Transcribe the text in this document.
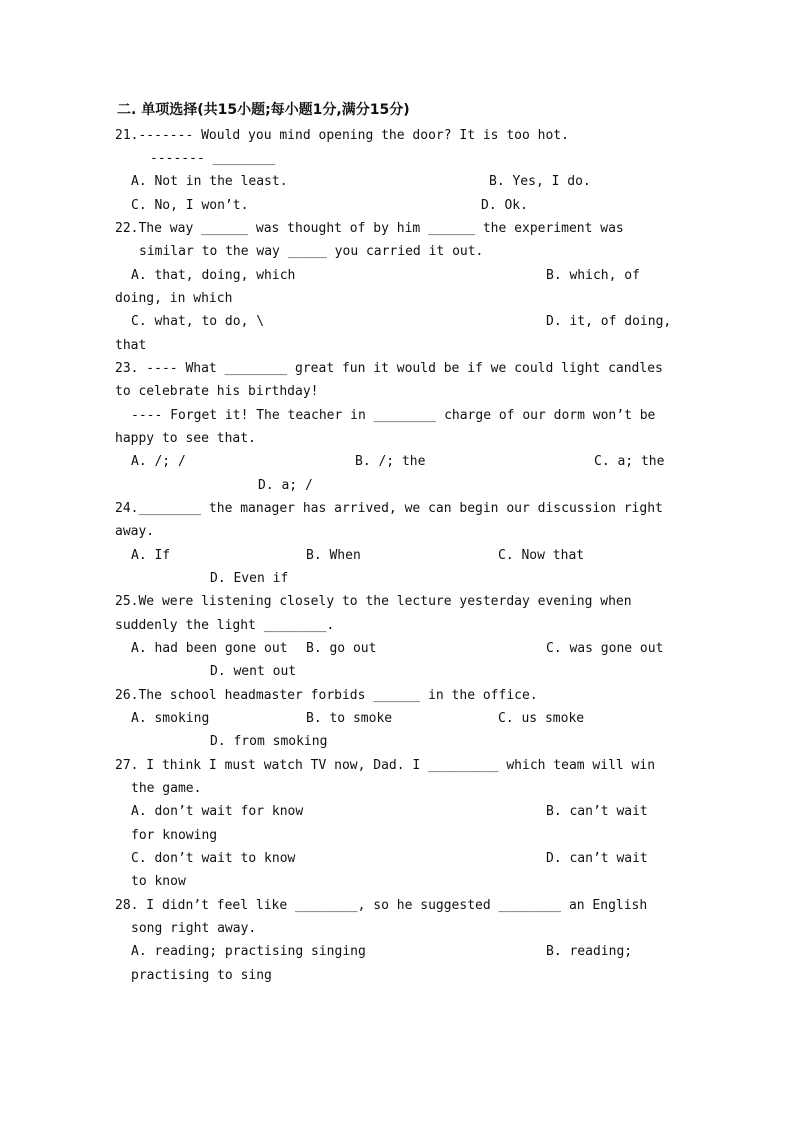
二. 单项选择(共15小题;每小题1分,满分15分)
21.------- Would you mind opening the door? It is too hot.
------- ________
A. Not in the least.	B. Yes, I do.
C. No, I won’t.	D. Ok.
22.The way ______ was thought of by him ______ the experiment was
similar to the way _____ you carried it out.
A. that, doing, which	B. which, of
doing, in which
C. what, to do, \	D. it, of doing,
that
23. ---- What ________ great fun it would be if we could light candles
to celebrate his birthday!
---- Forget it! The teacher in ________ charge of our dorm won’t be
happy to see that.
A. /; /	B. /; the	C. a; the
D. a; /
24.________ the manager has arrived, we can begin our discussion right
away.
A. If	B. When	C. Now that
D. Even if
25.We were listening closely to the lecture yesterday evening when
suddenly the light ________.
A. had been gone out B. go out	C. was gone out
D. went out
26.The school headmaster forbids ______ in the office.
A. smoking	B. to smoke	C. us smoke
D. from smoking
27. I think I must watch TV now, Dad. I _________ which team will win
the game.
A. don’t wait for know	B. can’t wait
for knowing
C. don’t wait to know	D. can’t wait
to know
28. I didn’t feel like ________, so he suggested ________ an English
song right away.
A. reading; practising singing	B. reading;
practising to sing
